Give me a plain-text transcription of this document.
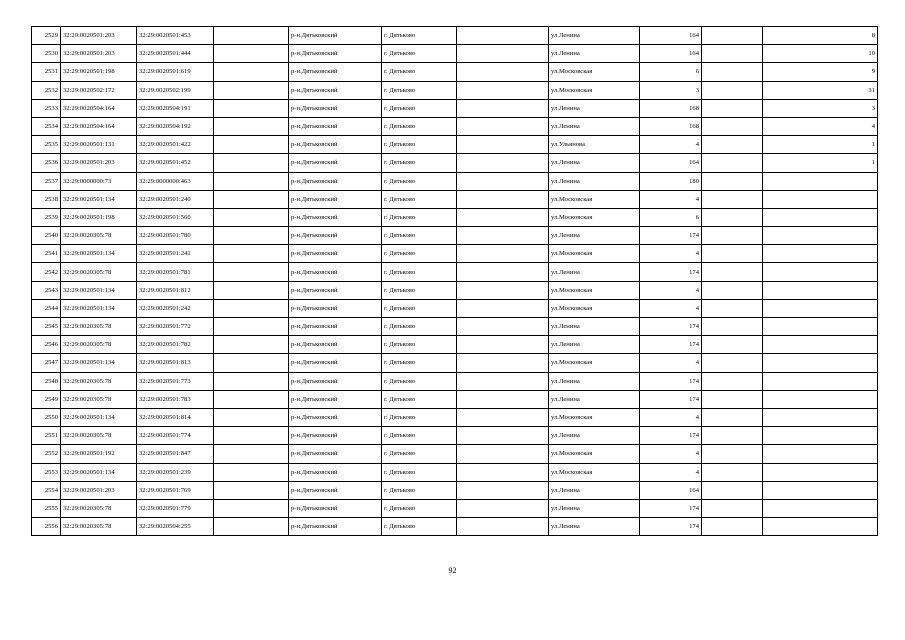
2529	32:29:0020501:203	32:29:0020501:453		р-н.Дятьковский	г. Дятьково		ул.Ленина	164		8
2530	32:29:0020501:203	32:29:0020501:444		р-н.Дятьковский	г. Дятьково		ул.Ленина	164		10
2531	32:29:0020501:198	32:29:0020501:619		р-н.Дятьковский	г. Дятьково		ул.Московская	6		9
2532	32:29:0020502:172	32:29:0020502:199		р-н.Дятьковский	г. Дятьково		ул.Московская	3		31
2533	32:29:0020504:164	32:29:0020504:191		р-н.Дятьковский	г. Дятьково		ул.Ленина	168		3
2534	32:29:0020504:164	32:29:0020504:192		р-н.Дятьковский	г. Дятьково		ул.Ленина	168		4
2535	32:29:0020501:131	32:29:0020501:422		р-н.Дятьковский	г. Дятьково		ул.Ульянова	4		1
2536	32:29:0020501:203	32:29:0020501:452		р-н.Дятьковский	г. Дятьково		ул.Ленина	164		1
2537	32:29:0000000:73	32:29:0000000:463		р-н.Дятьковский	г. Дятьково		ул.Ленина	180		
2538	32:29:0020501:134	32:29:0020501:240		р-н.Дятьковский	г. Дятьково		ул.Московская	4		
2539	32:29:0020501:198	32:29:0020501:560		р-н.Дятьковский	г. Дятьково		ул.Московская	6		
2540	32:29:0020305:78	32:29:0020501:780		р-н.Дятьковский	г. Дятьково		ул.Ленина	174		
2541	32:29:0020501:134	32:29:0020501:241		р-н.Дятьковский	г. Дятьково		ул.Московская	4		
2542	32:29:0020305:78	32:29:0020501:781		р-н.Дятьковский	г. Дятьково		ул.Ленина	174		
2543	32:29:0020501:134	32:29:0020501:812		р-н.Дятьковский	г. Дятьково		ул.Московская	4		
2544	32:29:0020501:134	32:29:0020501:242		р-н.Дятьковский	г. Дятьково		ул.Московская	4		
2545	32:29:0020305:78	32:29:0020501:772		р-н.Дятьковский	г. Дятьково		ул.Ленина	174		
2546	32:29:0020305:78	32:29:0020501:782		р-н.Дятьковский	г. Дятьково		ул.Ленина	174		
2547	32:29:0020501:134	32:29:0020501:813		р-н.Дятьковский	г. Дятьково		ул.Московская	4		
2548	32:29:0020305:78	32:29:0020501:773		р-н.Дятьковский	г. Дятьково		ул.Ленина	174		
2549	32:29:0020305:78	32:29:0020501:783		р-н.Дятьковский	г. Дятьково		ул.Ленина	174		
2550	32:29:0020501:134	32:29:0020501:814		р-н.Дятьковский	г. Дятьково		ул.Московская	4		
2551	32:29:0020305:78	32:29:0020501:774		р-н.Дятьковский	г. Дятьково		ул.Ленина	174		
2552	32:29:0020501:192	32:29:0020501:847		р-н.Дятьковский	г. Дятьково		ул.Московская	4		
2553	32:29:0020501:134	32:29:0020501:239		р-н.Дятьковский	г. Дятьково		ул.Московская	4		
2554	32:29:0020501:203	32:29:0020501:769		р-н.Дятьковский	г. Дятьково		ул.Ленина	164		
2555	32:29:0020305:78	32:29:0020501:779		р-н.Дятьковский	г. Дятьково		ул.Ленина	174		
2556	32:29:0020305:78	32:29:0020504:255		р-н.Дятьковский	г. Дятьково		ул.Ленина	174		
92
